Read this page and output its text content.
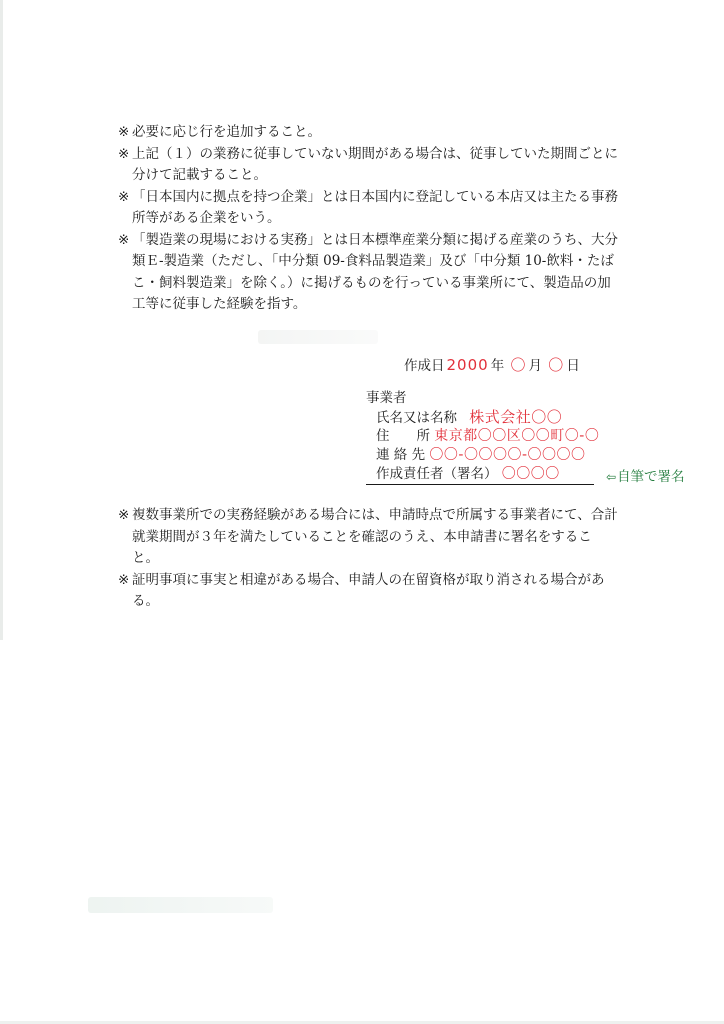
※ 必要に応じ行を追加すること。

※ 上記（１）の業務に従事していない期間がある場合は、従事していた期間ごとに分けて記載すること。

※ 「日本国内に拠点を持つ企業」とは日本国内に登記している本店又は主たる事務所等がある企業をいう。

※ 「製造業の現場における実務」とは日本標準産業分類に掲げる産業のうち、大分類Ｅ-製造業（ただし、「中分類 09-食料品製造業」及び「中分類 10-飲料・たばこ・飼料製造業」を除く。）に掲げるものを行っている事業所にて、製造品の加工等に従事した経験を指す。

作成日 2000 年 〇 月 〇 日
事業者
氏名又は名称 株式会社〇〇
住　　所 東京都〇〇区〇〇町〇-〇
連 絡 先 〇〇-〇〇〇〇-〇〇〇〇
作成責任者（署名） 〇〇〇〇	⇦自筆で署名

※ 複数事業所での実務経験がある場合には、申請時点で所属する事業者にて、合計就業期間が３年を満たしていることを確認のうえ、本申請書に署名をすること。

※ 証明事項に事実と相違がある場合、申請人の在留資格が取り消される場合がある。
